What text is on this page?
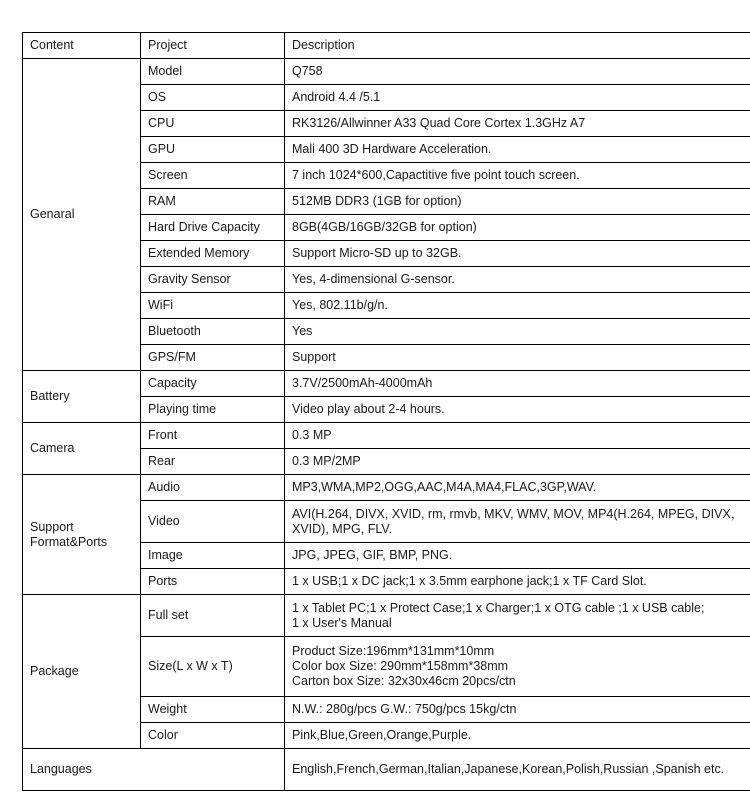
Content	Project	Description
Genaral	Model	Q758
	OS	Android 4.4 /5.1
	CPU	RK3126/Allwinner A33 Quad Core Cortex 1.3GHz A7
	GPU	Mali 400 3D Hardware Acceleration.
	Screen	7 inch 1024*600,Capactitive five point touch screen.
	RAM	512MB DDR3 (1GB for option)
	Hard Drive Capacity	8GB(4GB/16GB/32GB for option)
	Extended Memory	Support Micro-SD up to 32GB.
	Gravity Sensor	Yes, 4-dimensional G-sensor.
	WiFi	Yes, 802.11b/g/n.
	Bluetooth	Yes
	GPS/FM	Support
Battery	Capacity	3.7V/2500mAh-4000mAh
	Playing time	Video play about 2-4 hours.
Camera	Front	0.3 MP
	Rear	0.3 MP/2MP
Support Format&Ports	Audio	MP3,WMA,MP2,OGG,AAC,M4A,MA4,FLAC,3GP,WAV.
	Video	AVI(H.264, DIVX, XVID, rm, rmvb, MKV, WMV, MOV, MP4(H.264, MPEG, DIVX，XVID), MPG, FLV.
	Image	JPG, JPEG, GIF, BMP, PNG.
	Ports	1 x USB;1 x DC jack;1 x 3.5mm earphone jack;1 x TF Card Slot.
Package	Full set	1 x Tablet PC;1 x Protect Case;1 x Charger;1 x OTG cable ;1 x USB cable;
1 x User's Manual

	Size(L x W x T)	Product Size:196mm*131mm*10mm
Color box Size: 290mm*158mm*38mm
Carton box Size: 32x30x46cm 20pcs/ctn

	Weight	N.W.: 280g/pcs G.W.: 750g/pcs 15kg/ctn
	Color	Pink,Blue,Green,Orange,Purple.
Languages		English,French,German,Italian,Japanese,Korean,Polish,Russian ,Spanish etc.
